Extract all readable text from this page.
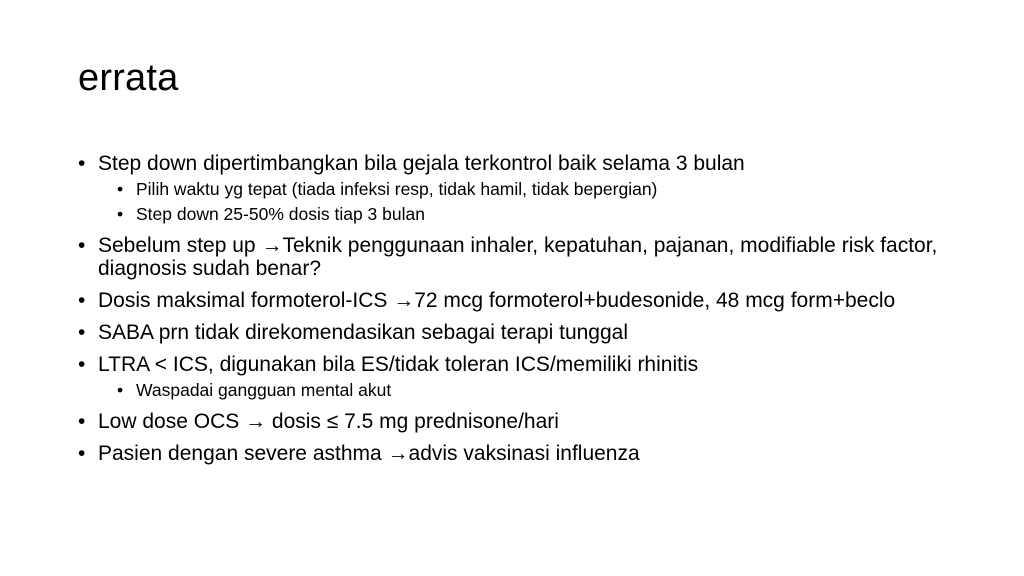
errata
• Step down dipertimbangkan bila gejala terkontrol baik selama 3 bulan
• Pilih waktu yg tepat (tiada infeksi resp, tidak hamil, tidak bepergian)
• Step down 25-50% dosis tiap 3 bulan
• Sebelum step up →Teknik penggunaan inhaler, kepatuhan, pajanan, modifiable risk factor, diagnosis sudah benar?
• Dosis maksimal formoterol-ICS →72 mcg formoterol+budesonide, 48 mcg form+beclo
• SABA prn tidak direkomendasikan sebagai terapi tunggal
• LTRA < ICS, digunakan bila ES/tidak toleran ICS/memiliki rhinitis
• Waspadai gangguan mental akut
• Low dose OCS → dosis ≤ 7.5 mg prednisone/hari
• Pasien dengan severe asthma →advis vaksinasi influenza
